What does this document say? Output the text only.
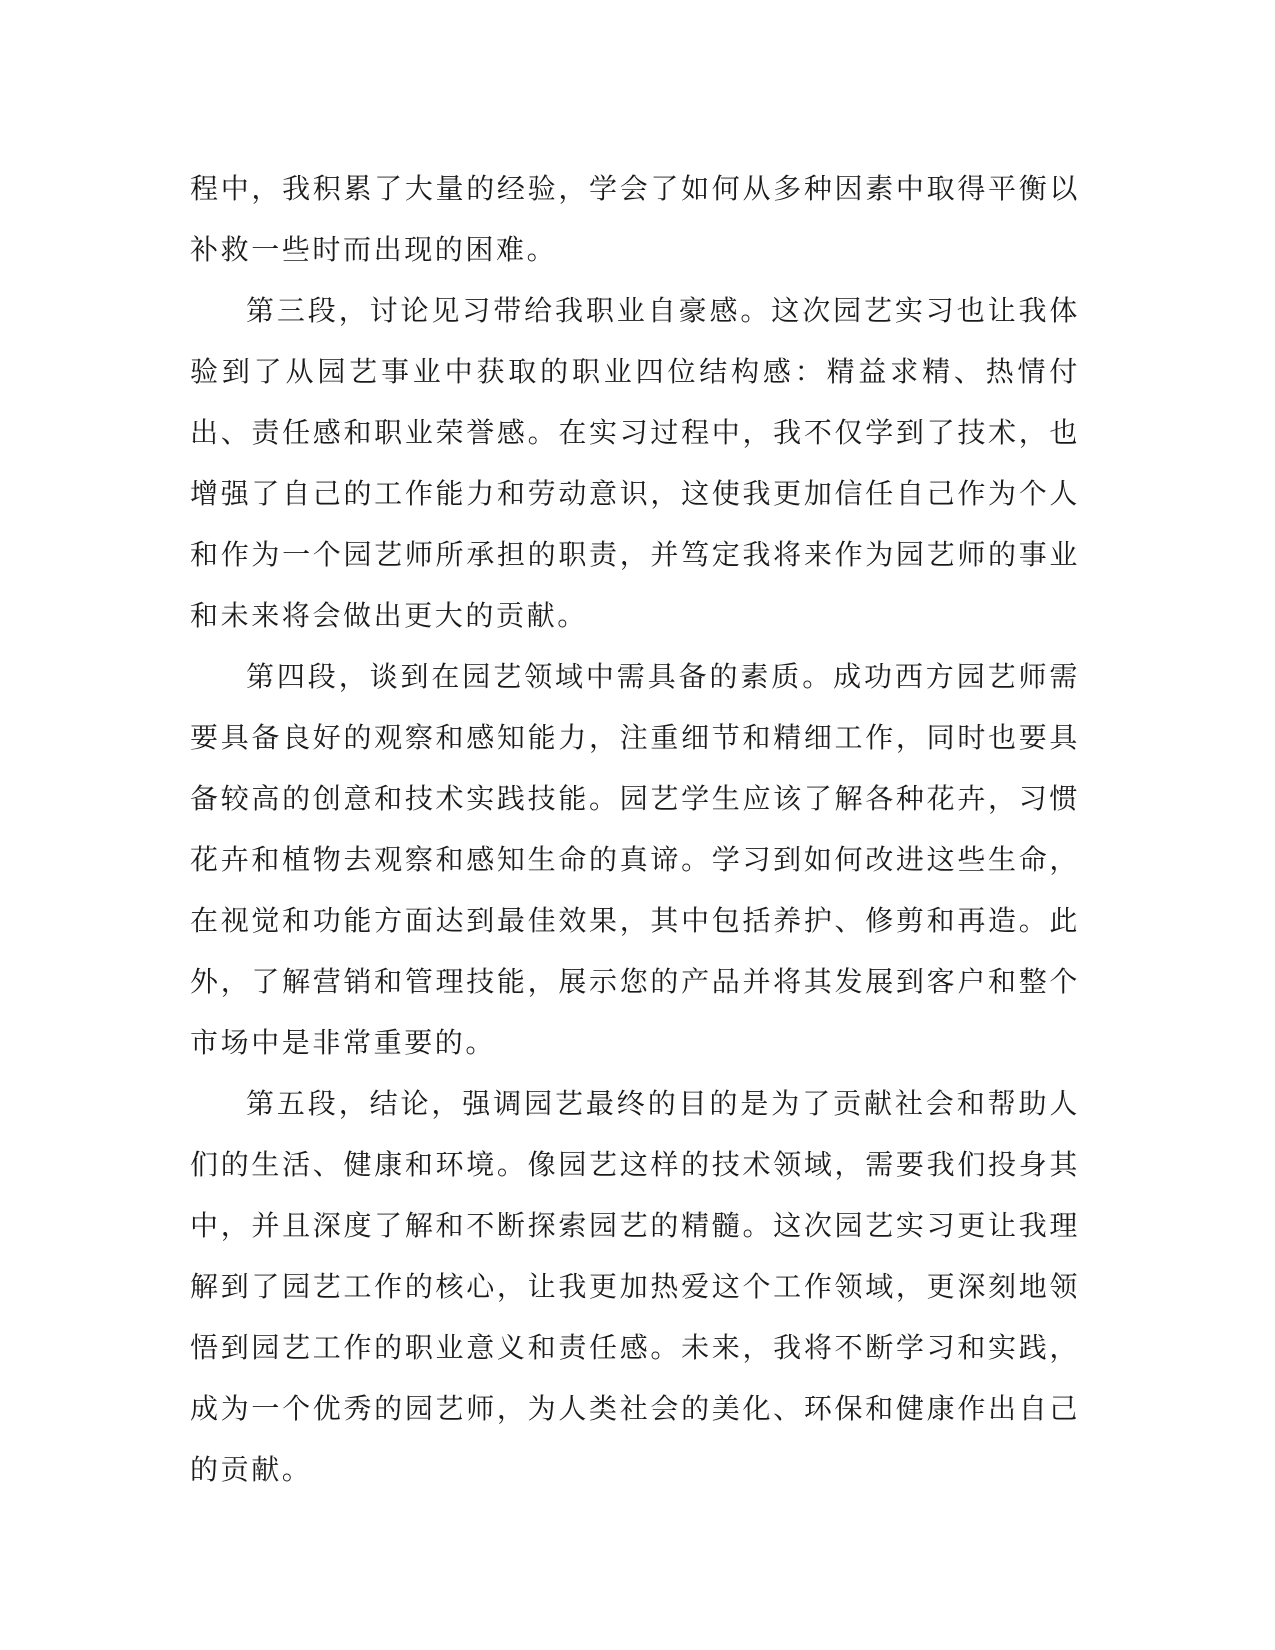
程中，我积累了大量的经验，学会了如何从多种因素中取得平衡以补救一些时而出现的困难。

第三段，讨论见习带给我职业自豪感。这次园艺实习也让我体验到了从园艺事业中获取的职业四位结构感：精益求精、热情付出、责任感和职业荣誉感。在实习过程中，我不仅学到了技术，也增强了自己的工作能力和劳动意识，这使我更加信任自己作为个人和作为一个园艺师所承担的职责，并笃定我将来作为园艺师的事业和未来将会做出更大的贡献。

第四段，谈到在园艺领域中需具备的素质。成功西方园艺师需要具备良好的观察和感知能力，注重细节和精细工作，同时也要具备较高的创意和技术实践技能。园艺学生应该了解各种花卉，习惯花卉和植物去观察和感知生命的真谛。学习到如何改进这些生命，在视觉和功能方面达到最佳效果，其中包括养护、修剪和再造。此外，了解营销和管理技能，展示您的产品并将其发展到客户和整个市场中是非常重要的。

第五段，结论，强调园艺最终的目的是为了贡献社会和帮助人们的生活、健康和环境。像园艺这样的技术领域，需要我们投身其中，并且深度了解和不断探索园艺的精髓。这次园艺实习更让我理解到了园艺工作的核心，让我更加热爱这个工作领域，更深刻地领悟到园艺工作的职业意义和责任感。未来，我将不断学习和实践，成为一个优秀的园艺师，为人类社会的美化、环保和健康作出自己的贡献。
